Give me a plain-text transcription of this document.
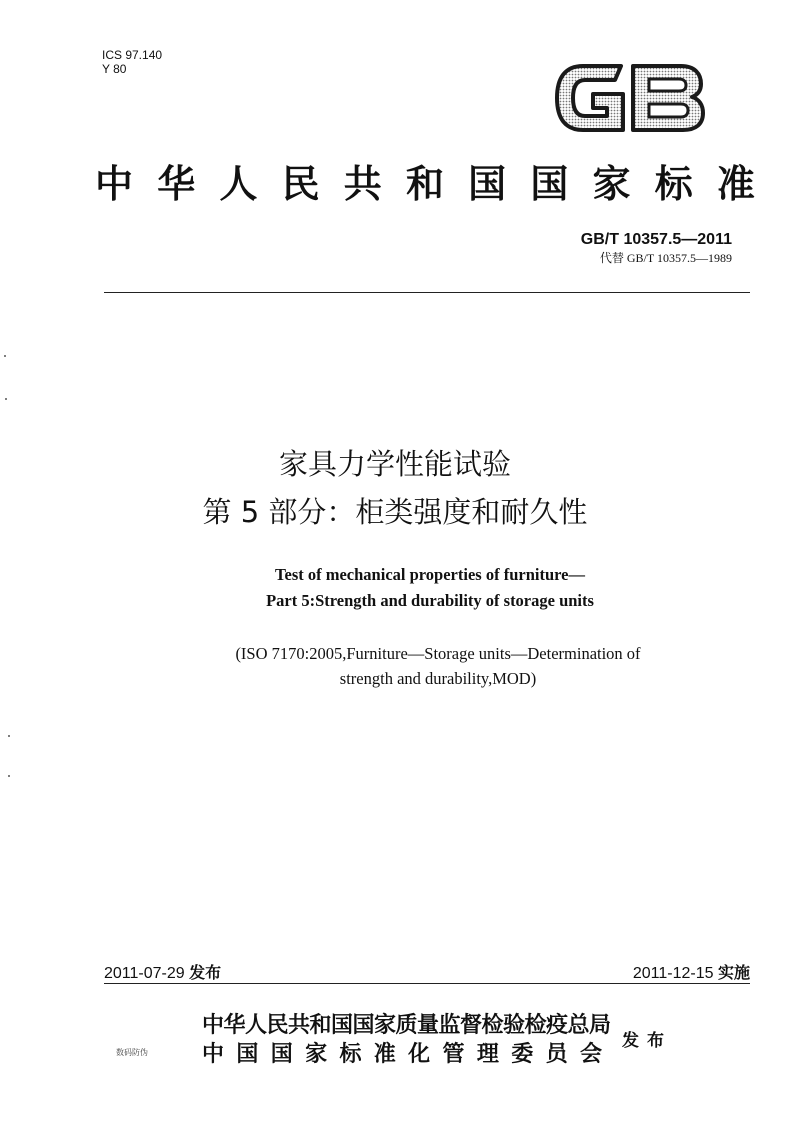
ICS 97.140
Y 80
中 华 人 民 共 和 国 国 家 标 准
GB/T 10357.5—2011
代替 GB/T 10357.5—1989
家具力学性能试验
第 5 部分：柜类强度和耐久性
Test of mechanical properties of furniture—
Part 5:Strength and durability of storage units
(ISO 7170:2005,Furniture—Storage units—Determination of
strength and durability,MOD)
2011-07-29 发布	2011-12-15 实施
中华人民共和国国家质量监督检验检疫总局
中 国 国 家 标 准 化 管 理 委 员 会
发布
数码防伪
